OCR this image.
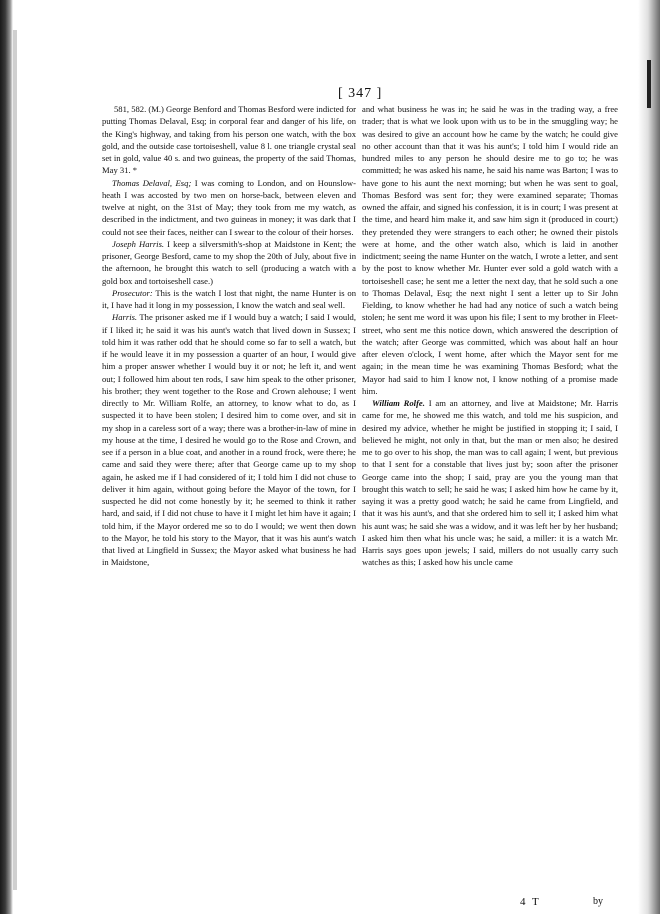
[ 347 ]

581, 582. (M.) George Benford and Thomas Besford were indicted for putting Thomas Delaval, Esq; in corporal fear and danger of his life, on the King's highway, and taking from his person one watch, with the box gold, and the outside case tortoiseshell, value 8 l. one triangle crystal seal set in gold, value 40 s. and two guineas, the property of the said Thomas, May 31. *

Thomas Delaval, Esq; I was coming to London, and on Hounslow-heath I was accosted by two men on horse-back, between eleven and twelve at night, on the 31st of May; they took from me my watch, as described in the indictment, and two guineas in money; it was dark that I could not see their faces, neither can I swear to the colour of their horses.

Joseph Harris. I keep a silversmith's-shop at Maidstone in Kent; the prisoner, George Besford, came to my shop the 20th of July, about five in the afternoon, he brought this watch to sell (producing a watch with a gold box and tortoiseshell case.)

Prosecutor: This is the watch I lost that night, the name Hunter is on it, I have had it long in my possession, I know the watch and seal well.

Harris. The prisoner asked me if I would buy a watch; I said I would, if I liked it; he said it was his aunt's watch that lived down in Sussex; I told him it was rather odd that he should come so far to sell a watch, but if he would leave it in my possession a quarter of an hour, I would give him a proper answer whether I would buy it or not; he left it, and went out; I followed him about ten rods, I saw him speak to the other prisoner, his brother; they went together to the Rose and Crown alehouse; I went directly to Mr. William Rolfe, an attorney, to know what to do, as I suspected it to have been stolen; I desired him to come over, and sit in my shop in a careless sort of a way; there was a brother-in-law of mine in my house at the time, I desired he would go to the Rose and Crown, and see if a person in a blue coat, and another in a round frock, were there; he came and said they were there; after that George came up to my shop again, he asked me if I had considered of it; I told him I did not chuse to deliver it him again, without going before the Mayor of the town, for I suspected he did not come honestly by it; he seemed to think it rather hard, and said, if I did not chuse to have it I might let him have it again; I told him, if the Mayor ordered me so to do I would; we went then down to the Mayor, he told his story to the Mayor, that it was his aunt's watch that lived at Lingfield in Sussex; the Mayor asked what business he had in Maidstone,

and what business he was in; he said he was in the trading way, a free trader; that is what we look upon with us to be in the smuggling way; he was desired to give an account how he came by the watch; he could give no other account than that it was his aunt's; I told him I would ride an hundred miles to any person he should desire me to go to; he was committed; he was asked his name, he said his name was Barton; I was to have gone to his aunt the next morning; but when he was sent to goal, Thomas Besford was sent for; they were examined separate; Thomas owned the affair, and signed his confession, it is in court; I was present at the time, and heard him make it, and saw him sign it (produced in court;) they pretended they were strangers to each other; he owned their pistols were at home, and the other watch also, which is laid in another indictment; seeing the name Hunter on the watch, I wrote a letter, and sent by the post to know whether Mr. Hunter ever sold a gold watch with a tortoiseshell case; he sent me a letter the next day, that he sold such a one to Thomas Delaval, Esq; the next night I sent a letter up to Sir John Fielding, to know whether he had had any notice of such a watch being stolen; he sent me word it was upon his file; I sent to my brother in Fleet-street, who sent me this notice down, which answered the description of the watch; after George was committed, which was about half an hour after eleven o'clock, I went home, after which the Mayor sent for me again; in the mean time he was examining Thomas Besford; what the Mayor had said to him I know not, I know nothing of a promise made him.

William Rolfe. I am an attorney, and live at Maidstone; Mr. Harris came for me, he showed me this watch, and told me his suspicion, and desired my advice, whether he might be justified in stopping it; I said, I believed he might, not only in that, but the man or men also; he desired me to go over to his shop, the man was to call again; I went, but previous to that I sent for a constable that lives just by; soon after the prisoner George came into the shop; I said, pray are you the young man that brought this watch to sell; he said he was; I asked him how he came by it, saying it was a pretty good watch; he said he came from Lingfield, and that it was his aunt's, and that she ordered him to sell it; I asked him what his aunt was; he said she was a widow, and it was left her by her husband; I asked him then what his uncle was; he said, a miller: it is a watch Mr. Harris says goes upon jewels; I said, millers do not usually carry such watches as this; I asked how his uncle came

4 T	by
